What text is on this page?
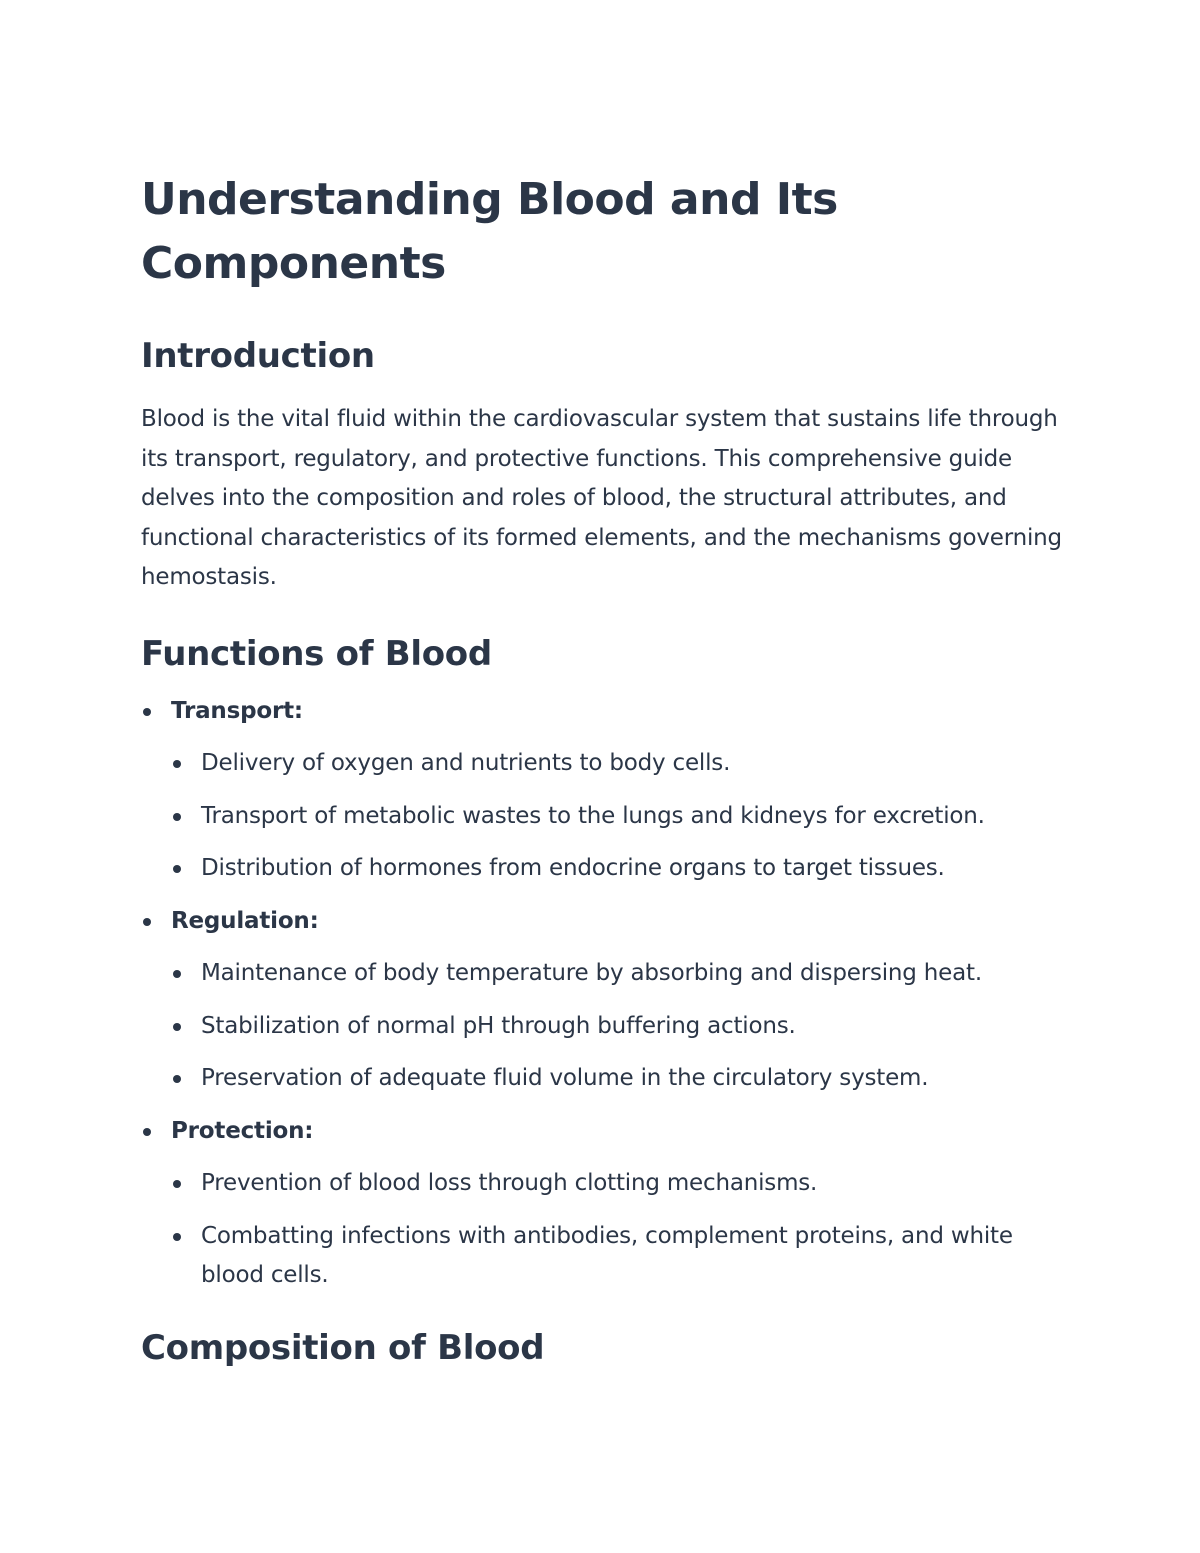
Understanding Blood and Its Components
Introduction

Blood is the vital fluid within the cardiovascular system that sustains life through its transport, regulatory, and protective functions. This comprehensive guide delves into the composition and roles of blood, the structural attributes, and functional characteristics of its formed elements, and the mechanisms governing hemostasis.

Functions of Blood
Transport:
Delivery of oxygen and nutrients to body cells.
Transport of metabolic wastes to the lungs and kidneys for excretion.
Distribution of hormones from endocrine organs to target tissues.
Regulation:
Maintenance of body temperature by absorbing and dispersing heat.
Stabilization of normal pH through buffering actions.
Preservation of adequate fluid volume in the circulatory system.
Protection:
Prevention of blood loss through clotting mechanisms.
Combatting infections with antibodies, complement proteins, and white blood cells.
Composition of Blood
